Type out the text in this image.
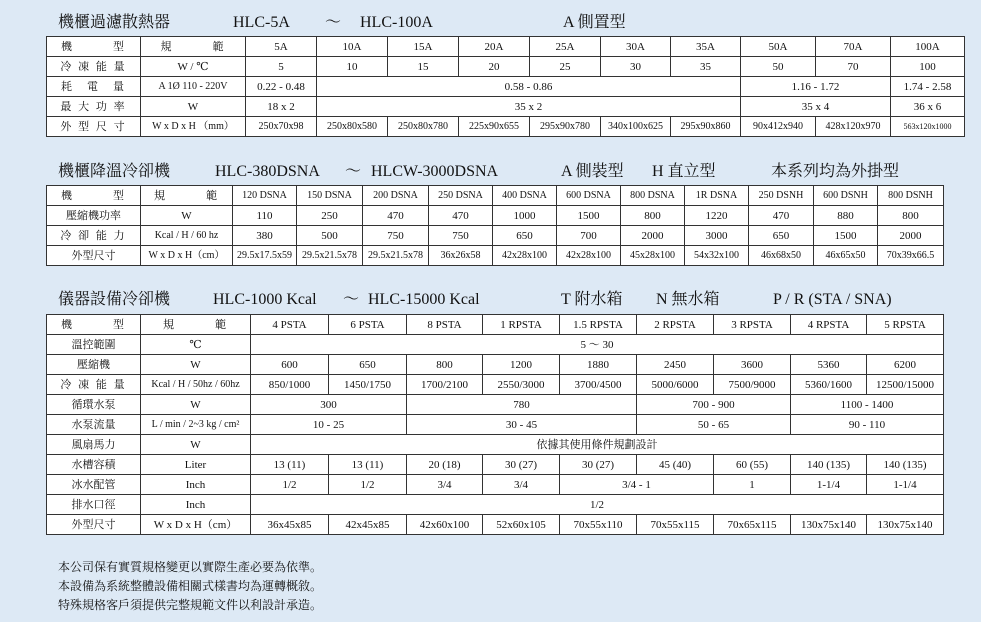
機櫃過濾散熱器	HLC-5A ～ HLC-100A	A 側置型
機　　　型	規　　　範	5A	10A	15A	20A	25A	30A	35A	50A	70A	100A
冷 凍 能 量	W / ℃	5	10	15	20	25	30	35	50	70	100
耗　電　量	A 1Ø 110 - 220V	0.22 - 0.48	0.58 - 0.86						1.16 - 1.72		1.74 - 2.58
最 大 功 率	W	18 x 2	35 x 2						35 x 4		36 x 6
外 型 尺 寸	W x D x H （mm）	250x70x98	250x80x580	250x80x780	225x90x655	295x90x780	340x100x625	295x90x860	90x412x940	428x120x970	563x120x1000
機櫃降溫冷卻機	HLC-380DSNA ～ HLCW-3000DSNA	A 側裝型 H 直立型	本系列均為外掛型
機　　　型	規　　　範	120 DSNA	150 DSNA	200 DSNA	250 DSNA	400 DSNA	600 DSNA	800 DSNA	1R DSNA	250 DSNH	600 DSNH	800 DSNH
壓縮機功率	W	110	250	470	470	1000	1500	800	1220	470	880	800
冷 卻 能 力	Kcal / H / 60 hz	380	500	750	750	650	700	2000	3000	650	1500	2000
外型尺寸	W x D x H（cm）	29.5x17.5x59	29.5x21.5x78	29.5x21.5x78	36x26x58	42x28x100	42x28x100	45x28x100	54x32x100	46x68x50	46x65x50	70x39x66.5
儀器設備冷卻機	HLC-1000 Kcal ～ HLC-15000 Kcal	T 附水箱 N 無水箱	P / R (STA / SNA)
機　　　型	規　　　範	4 PSTA	6 PSTA	8 PSTA	1 RPSTA	1.5 RPSTA	2 RPSTA	3 RPSTA	4 RPSTA	5 RPSTA
溫控範圍	℃	5 ～ 30								
壓縮機	W	600	650	800	1200	1880	2450	3600	5360	6200
冷 凍 能 量	Kcal / H / 50hz / 60hz	850/1000	1450/1750	1700/2100	2550/3000	3700/4500	5000/6000	7500/9000	5360/1600	12500/15000
循環水泵	W	300		780			700 - 900		1100 - 1400	
水泵流量	L / min / 2~3 kg / cm²	10 - 25		30 - 45			50 - 65		90 - 110	
風扇馬力	W	依據其使用條件規劃設計								
水槽容積	Liter	13 (11)	13 (11)	20 (18)	30 (27)	30 (27)	45 (40)	60 (55)	140 (135)	140 (135)
冰水配管	Inch	1/2	1/2	3/4	3/4	3/4 - 1		1	1-1/4	1-1/4
排水口徑	Inch	1/2								
外型尺寸	W x D x H（cm）	36x45x85	42x45x85	42x60x100	52x60x105	70x55x110	70x55x115	70x65x115	130x75x140	130x75x140
本公司保有實質規格變更以實際生產必要為依準。
本設備為系統整體設備相關式樣書均為運轉概敘。
特殊規格客戶須提供完整規範文件以利設計承造。
